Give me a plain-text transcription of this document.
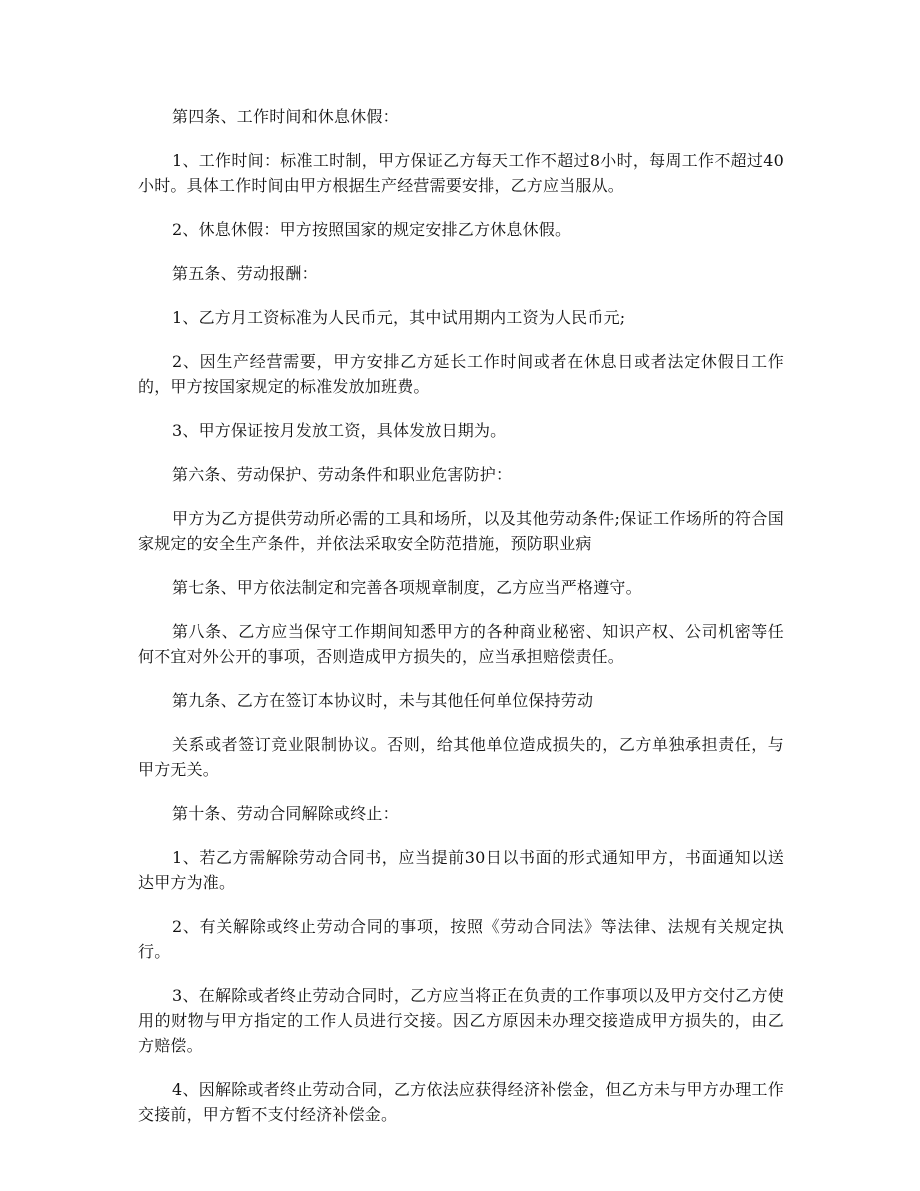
第四条、工作时间和休息休假：

1、工作时间：标准工时制，甲方保证乙方每天工作不超过8小时，每周工作不超过40小时。具体工作时间由甲方根据生产经营需要安排，乙方应当服从。

2、休息休假：甲方按照国家的规定安排乙方休息休假。

第五条、劳动报酬：

1、乙方月工资标准为人民币元，其中试用期内工资为人民币元;

2、因生产经营需要，甲方安排乙方延长工作时间或者在休息日或者法定休假日工作的，甲方按国家规定的标准发放加班费。

3、甲方保证按月发放工资，具体发放日期为。

第六条、劳动保护、劳动条件和职业危害防护：

甲方为乙方提供劳动所必需的工具和场所，以及其他劳动条件;保证工作场所的符合国家规定的安全生产条件，并依法采取安全防范措施，预防职业病

第七条、甲方依法制定和完善各项规章制度，乙方应当严格遵守。

第八条、乙方应当保守工作期间知悉甲方的各种商业秘密、知识产权、公司机密等任何不宜对外公开的事项，否则造成甲方损失的，应当承担赔偿责任。

第九条、乙方在签订本协议时，未与其他任何单位保持劳动

关系或者签订竞业限制协议。否则，给其他单位造成损失的，乙方单独承担责任，与甲方无关。

第十条、劳动合同解除或终止：

1、若乙方需解除劳动合同书，应当提前30日以书面的形式通知甲方，书面通知以送达甲方为准。

2、有关解除或终止劳动合同的事项，按照《劳动合同法》等法律、法规有关规定执行。

3、在解除或者终止劳动合同时，乙方应当将正在负责的工作事项以及甲方交付乙方使用的财物与甲方指定的工作人员进行交接。因乙方原因未办理交接造成甲方损失的，由乙方赔偿。

4、因解除或者终止劳动合同，乙方依法应获得经济补偿金，但乙方未与甲方办理工作交接前，甲方暂不支付经济补偿金。
